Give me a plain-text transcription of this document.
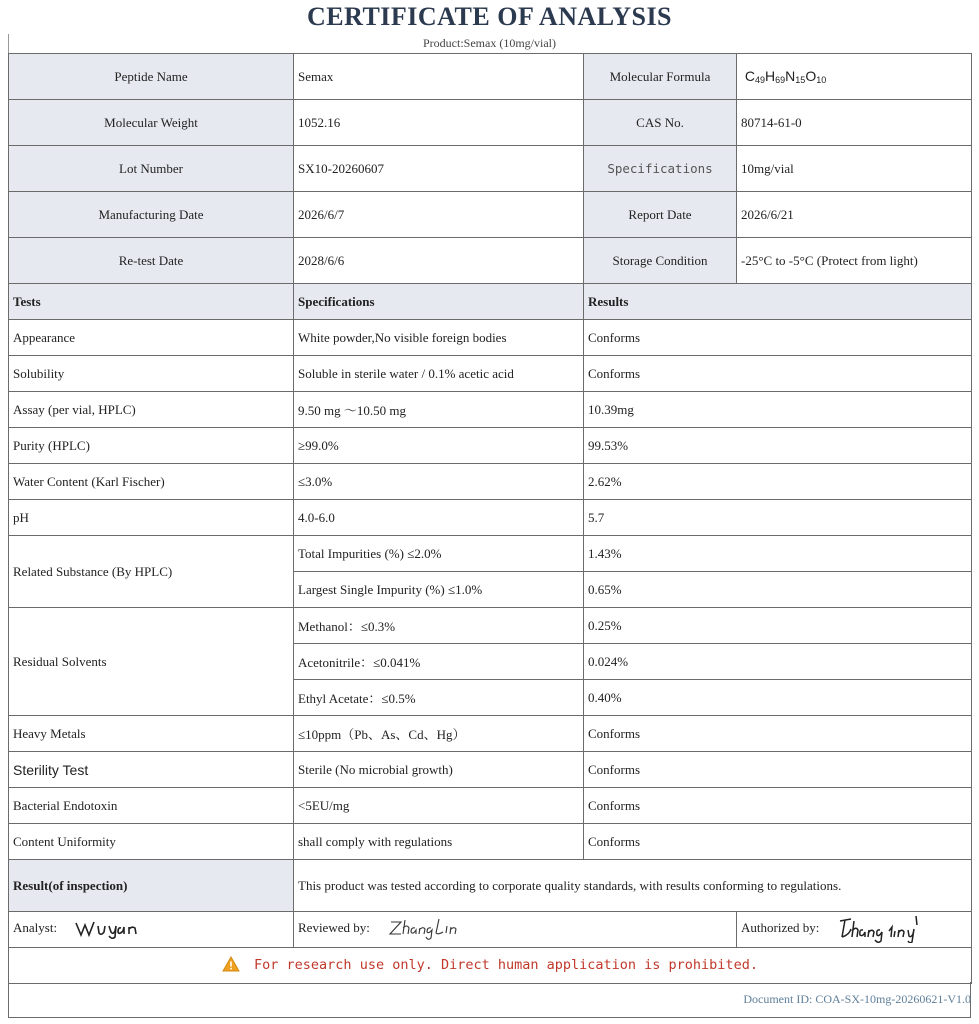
CERTIFICATE OF ANALYSIS
Product:Semax (10mg/vial)
Peptide Name	Semax	Molecular Formula	$C_{49}H_{69}N_{15}O_{10}$
Molecular Weight	1052.16	CAS No.	80714-61-0
Lot Number	SX10-20260607	Specifications	10mg/vial
Manufacturing Date	2026/6/7	Report Date	2026/6/21
Re-test Date	2028/6/6	Storage Condition	-25°C to -5°C (Protect from light)
Tests	Specifications	Results	
Appearance	White powder,No visible foreign bodies	Conforms	
Solubility	Soluble in sterile water / 0.1% acetic acid	Conforms	
Assay (per vial, HPLC)	9.50 mg ～10.50 mg	10.39mg	
Purity (HPLC)	≥99.0%	99.53%	
Water Content (Karl Fischer)	≤3.0%	2.62%	
pH	4.0-6.0	5.7	
Related Substance (By HPLC)	Total Impurities (%) ≤2.0%	1.43%	
	Largest Single Impurity (%) ≤1.0%	0.65%	
Residual Solvents	Methanol：≤0.3%	0.25%	
	Acetonitrile：≤0.041%	0.024%	
	Ethyl Acetate：≤0.5%	0.40%	
Heavy Metals	≤10ppm（Pb、As、Cd、Hg）	Conforms	
Sterility Test	Sterile (No microbial growth)	Conforms	
Bacterial Endotoxin	<5EU/mg	Conforms	
Content Uniformity	shall comply with regulations	Conforms	
Result(of inspection)	This product was tested according to corporate quality standards, with results conforming to regulations.		
Analyst:	Reviewed by:		Authorized by:
For research use only. Direct human application is prohibited.			
Document ID: COA-SX-10mg-20260621-V1.0
